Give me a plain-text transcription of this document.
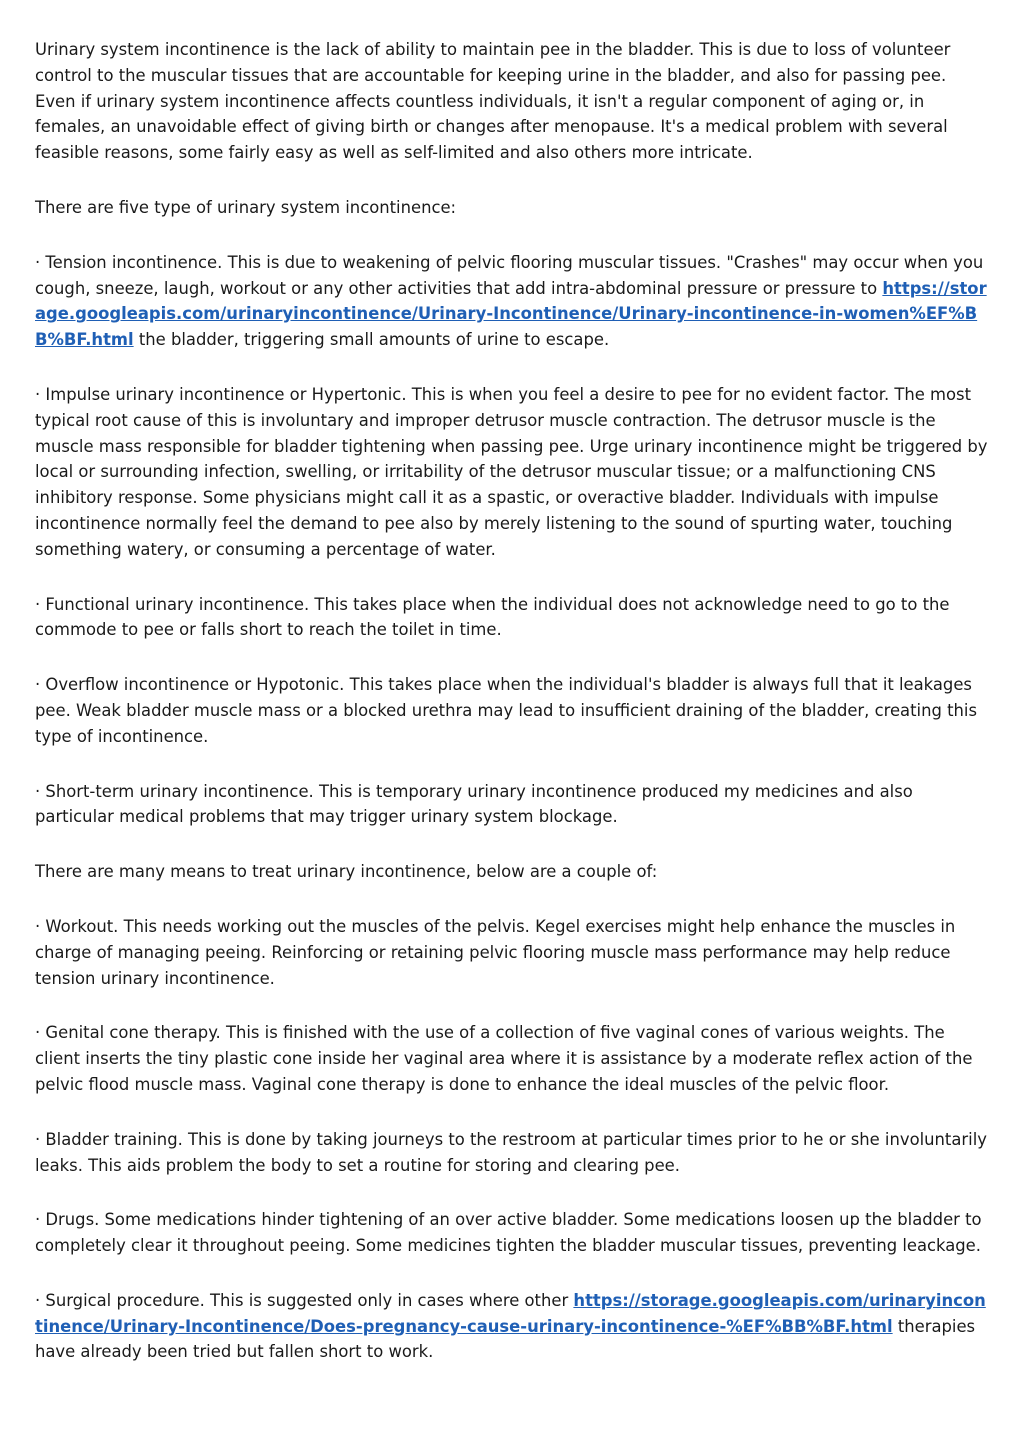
Urinary system incontinence is the lack of ability to maintain pee in the bladder. This is due to loss of volunteer control to the muscular tissues that are accountable for keeping urine in the bladder, and also for passing pee. Even if urinary system incontinence affects countless individuals, it isn't a regular component of aging or, in females, an unavoidable effect of giving birth or changes after menopause. It's a medical problem with several feasible reasons, some fairly easy as well as self-limited and also others more intricate.

There are five type of urinary system incontinence:

· Tension incontinence. This is due to weakening of pelvic flooring muscular tissues. "Crashes" may occur when you cough, sneeze, laugh, workout or any other activities that add intra-abdominal pressure or pressure to https://storage.googleapis.com/urinaryincontinence/Urinary-Incontinence/Urinary-incontinence-in-women%EF%BB%BF.html the bladder, triggering small amounts of urine to escape.

· Impulse urinary incontinence or Hypertonic. This is when you feel a desire to pee for no evident factor. The most typical root cause of this is involuntary and improper detrusor muscle contraction. The detrusor muscle is the muscle mass responsible for bladder tightening when passing pee. Urge urinary incontinence might be triggered by local or surrounding infection, swelling, or irritability of the detrusor muscular tissue; or a malfunctioning CNS inhibitory response. Some physicians might call it as a spastic, or overactive bladder. Individuals with impulse incontinence normally feel the demand to pee also by merely listening to the sound of spurting water, touching something watery, or consuming a percentage of water.

· Functional urinary incontinence. This takes place when the individual does not acknowledge need to go to the commode to pee or falls short to reach the toilet in time.

· Overflow incontinence or Hypotonic. This takes place when the individual's bladder is always full that it leakages pee. Weak bladder muscle mass or a blocked urethra may lead to insufficient draining of the bladder, creating this type of incontinence.

· Short-term urinary incontinence. This is temporary urinary incontinence produced my medicines and also particular medical problems that may trigger urinary system blockage.

There are many means to treat urinary incontinence, below are a couple of:

· Workout. This needs working out the muscles of the pelvis. Kegel exercises might help enhance the muscles in charge of managing peeing. Reinforcing or retaining pelvic flooring muscle mass performance may help reduce tension urinary incontinence.

· Genital cone therapy. This is finished with the use of a collection of five vaginal cones of various weights. The client inserts the tiny plastic cone inside her vaginal area where it is assistance by a moderate reflex action of the pelvic flood muscle mass. Vaginal cone therapy is done to enhance the ideal muscles of the pelvic floor.

· Bladder training. This is done by taking journeys to the restroom at particular times prior to he or she involuntarily leaks. This aids problem the body to set a routine for storing and clearing pee.

· Drugs. Some medications hinder tightening of an over active bladder. Some medications loosen up the bladder to completely clear it throughout peeing. Some medicines tighten the bladder muscular tissues, preventing leackage.

· Surgical procedure. This is suggested only in cases where other https://storage.googleapis.com/urinaryincontinence/Urinary-Incontinence/Does-pregnancy-cause-urinary-incontinence-%EF%BB%BF.html therapies have already been tried but fallen short to work.
